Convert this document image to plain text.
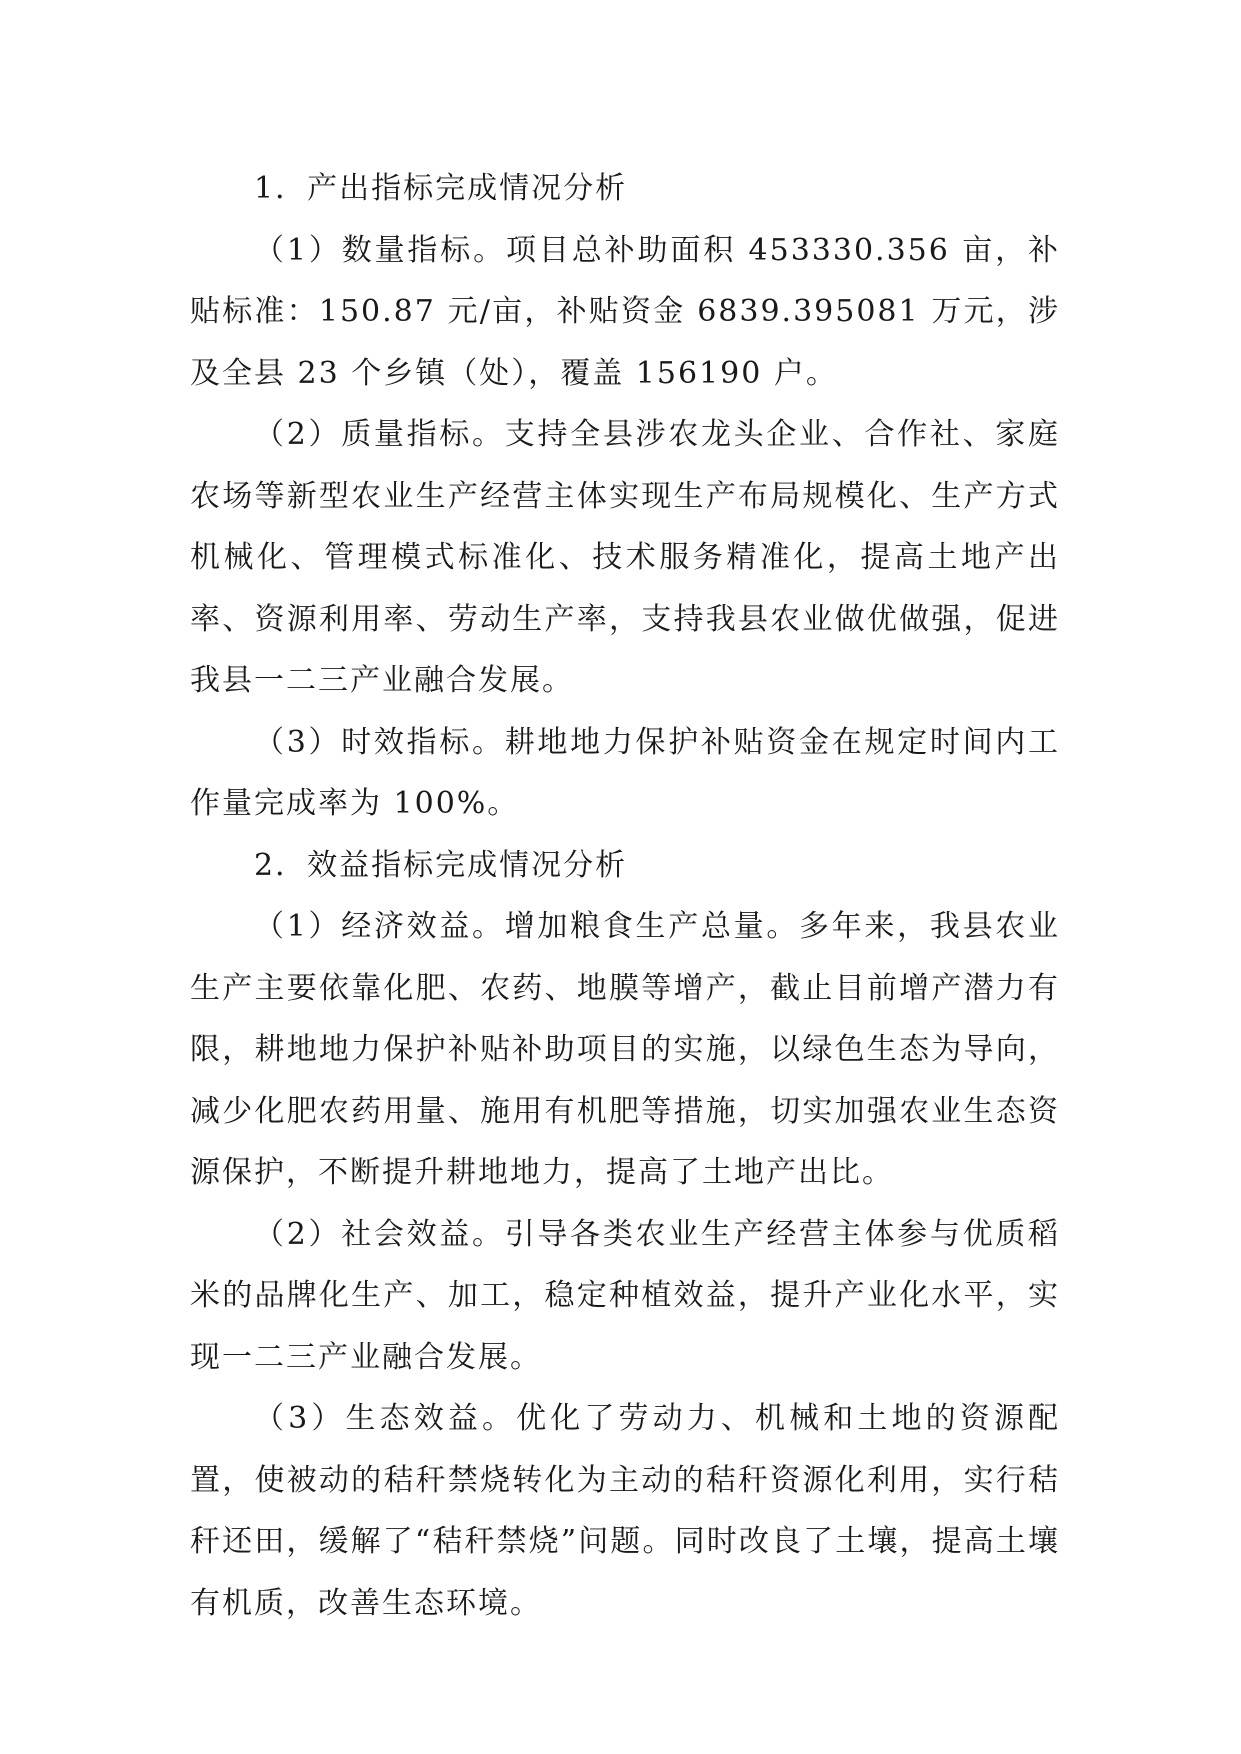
1．产出指标完成情况分析

（1）数量指标。项目总补助面积 453330.356 亩，补贴标准：150.87 元/亩，补贴资金 6839.395081 万元，涉及全县 23 个乡镇（处），覆盖 156190 户。

（2）质量指标。支持全县涉农龙头企业、合作社、家庭农场等新型农业生产经营主体实现生产布局规模化、生产方式机械化、管理模式标准化、技术服务精准化，提高土地产出率、资源利用率、劳动生产率，支持我县农业做优做强，促进我县一二三产业融合发展。

（3）时效指标。耕地地力保护补贴资金在规定时间内工作量完成率为 100%。

2．效益指标完成情况分析

（1）经济效益。增加粮食生产总量。多年来，我县农业生产主要依靠化肥、农药、地膜等增产，截止目前增产潜力有限，耕地地力保护补贴补助项目的实施，以绿色生态为导向，减少化肥农药用量、施用有机肥等措施，切实加强农业生态资源保护，不断提升耕地地力，提高了土地产出比。

（2）社会效益。引导各类农业生产经营主体参与优质稻米的品牌化生产、加工，稳定种植效益，提升产业化水平，实现一二三产业融合发展。

（3）生态效益。优化了劳动力、机械和土地的资源配置，使被动的秸秆禁烧转化为主动的秸秆资源化利用，实行秸秆还田，缓解了“秸秆禁烧”问题。同时改良了土壤，提高土壤有机质，改善生态环境。
